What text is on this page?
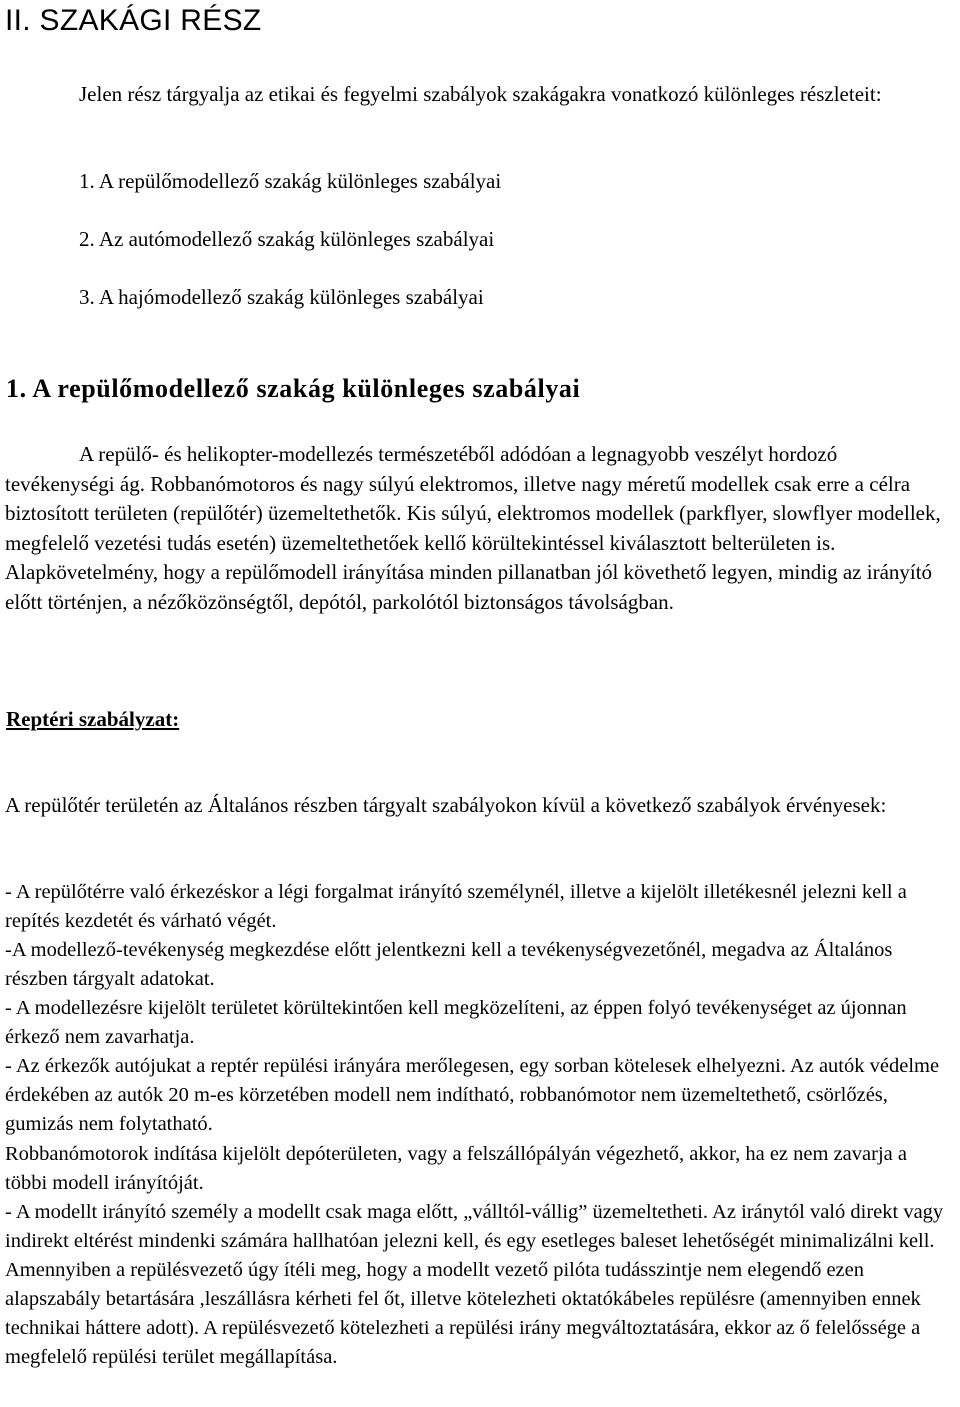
II. SZAKÁGI RÉSZ

Jelen rész tárgyalja az etikai és fegyelmi szabályok szakágakra vonatkozó különleges részleteit:

1. A repülőmodellező szakág különleges szabályai

2. Az autómodellező szakág különleges szabályai

3. A hajómodellező szakág különleges szabályai

1. A repülőmodellező szakág különleges szabályai

A repülő- és helikopter-modellezés természetéből adódóan a legnagyobb veszélyt hordozó tevékenységi ág. Robbanómotoros és nagy súlyú elektromos, illetve nagy méretű modellek csak erre a célra biztosított területen (repülőtér) üzemeltethetők. Kis súlyú, elektromos modellek (parkflyer, slowflyer modellek, megfelelő vezetési tudás esetén) üzemeltethetőek kellő körültekintéssel kiválasztott belterületen is. Alapkövetelmény, hogy a repülőmodell irányítása minden pillanatban jól követhető legyen, mindig az irányító előtt történjen, a nézőközönségtől, depótól, parkolótól biztonságos távolságban.

Reptéri szabályzat:

A repülőtér területén az Általános részben tárgyalt szabályokon kívül a következő szabályok érvényesek:

- A repülőtérre való érkezéskor a légi forgalmat irányító személynél, illetve a kijelölt illetékesnél jelezni kell a repítés kezdetét és várható végét.

-A modellező-tevékenység megkezdése előtt jelentkezni kell a tevékenységvezetőnél, megadva az Általános részben tárgyalt adatokat.

- A modellezésre kijelölt területet körültekintően kell megközelíteni, az éppen folyó tevékenységet az újonnan érkező nem zavarhatja.

- Az érkezők autójukat a reptér repülési irányára merőlegesen, egy sorban kötelesek elhelyezni. Az autók védelme érdekében az autók 20 m-es körzetében modell nem indítható, robbanómotor nem üzemeltethető, csörlőzés, gumizás nem folytatható.

Robbanómotorok indítása kijelölt depóterületen, vagy a felszállópályán végezhető, akkor, ha ez nem zavarja a többi modell irányítóját.

- A modellt irányító személy a modellt csak maga előtt, „válltól-vállig” üzemeltetheti. Az iránytól való direkt vagy indirekt eltérést mindenki számára hallhatóan jelezni kell, és egy esetleges baleset lehetőségét minimalizálni kell. Amennyiben a repülésvezető úgy ítéli meg, hogy a modellt vezető pilóta tudásszintje nem elegendő ezen alapszabály betartására ,leszállásra kérheti fel őt, illetve kötelezheti oktatókábeles repülésre (amennyiben ennek technikai háttere adott). A repülésvezető kötelezheti a repülési irány megváltoztatására, ekkor az ő felelőssége a megfelelő repülési terület megállapítása.
